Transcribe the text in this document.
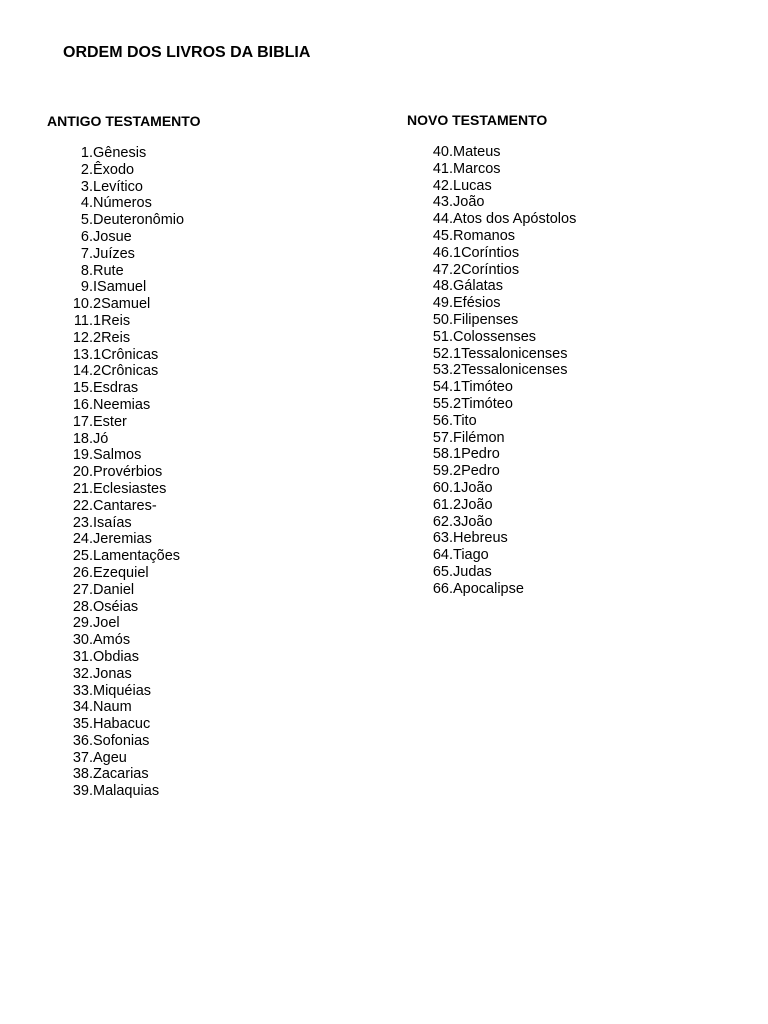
ORDEM DOS LIVROS DA BIBLIA
ANTIGO TESTAMENTO
1. Gênesis
2. Êxodo
3. Levítico
4. Números
5. Deuteronômio
6. Josue
7. Juízes
8. Rute
9. ISamuel
10. 2Samuel
11. 1Reis
12. 2Reis
13. 1Crônicas
14. 2Crônicas
15. Esdras
16. Neemias
17. Ester
18. Jó
19. Salmos
20. Provérbios
21. Eclesiastes
22. Cantares-
23. Isaías
24. Jeremias
25. Lamentações
26. Ezequiel
27. Daniel
28. Oséias
29. Joel
30. Amós
31. Obdias
32. Jonas
33. Miquéias
34. Naum
35. Habacuc
36. Sofonias
37. Ageu
38. Zacarias
39. Malaquias
NOVO TESTAMENTO
40. Mateus
41. Marcos
42. Lucas
43. João
44. Atos dos Apóstolos
45. Romanos
46. 1Coríntios
47. 2Coríntios
48. Gálatas
49. Efésios
50. Filipenses
51. Colossenses
52. 1Tessalonicenses
53. 2Tessalonicenses
54. 1Timóteo
55. 2Timóteo
56. Tito
57. Filémon
58. 1Pedro
59. 2Pedro
60. 1João
61. 2João
62. 3João
63. Hebreus
64. Tiago
65. Judas
66. Apocalipse
